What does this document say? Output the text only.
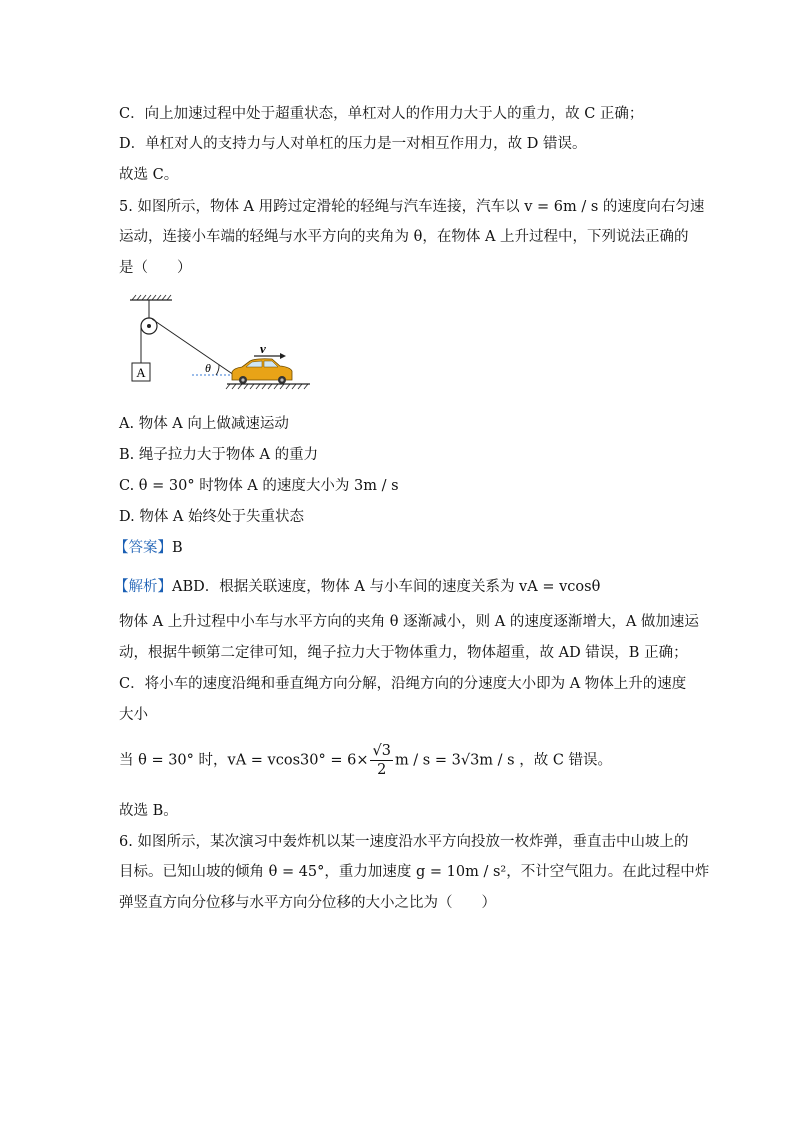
C．向上加速过程中处于超重状态，单杠对人的作用力大于人的重力，故 C 正确；
D．单杠对人的支持力与人对单杠的压力是一对相互作用力，故 D 错误。
故选 C。
5. 如图所示，物体 A 用跨过定滑轮的轻绳与汽车连接，汽车以 v = 6m / s 的速度向右匀速
运动，连接小车端的轻绳与水平方向的夹角为 θ，在物体 A 上升过程中，下列说法正确的
是（　　）
A	θ
v
A. 物体 A 向上做减速运动
B. 绳子拉力大于物体 A 的重力
C. θ = 30° 时物体 A 的速度大小为 3m / s
D. 物体 A 始终处于失重状态
【答案】B
【解析】ABD．根据关联速度，物体 A 与小车间的速度关系为 vA = vcosθ
物体 A 上升过程中小车与水平方向的夹角 θ 逐渐减小，则 A 的速度逐渐增大，A 做加速运
动，根据牛顿第二定律可知，绳子拉力大于物体重力，物体超重，故 AD 错误，B 正确；
C．将小车的速度沿绳和垂直绳方向分解，沿绳方向的分速度大小即为 A 物体上升的速度
大小
当 θ = 30° 时，vA = $vcos30^\circ = 6\times \frac{√3}{2}$ m / s = 3√3m / s ，故 C 错误。
故选 B。
6. 如图所示，某次演习中轰炸机以某一速度沿水平方向投放一枚炸弹，垂直击中山坡上的
目标。已知山坡的倾角 θ = 45°，重力加速度 g = 10m / s²，不计空气阻力。在此过程中炸
弹竖直方向分位移与水平方向分位移的大小之比为（　　）
